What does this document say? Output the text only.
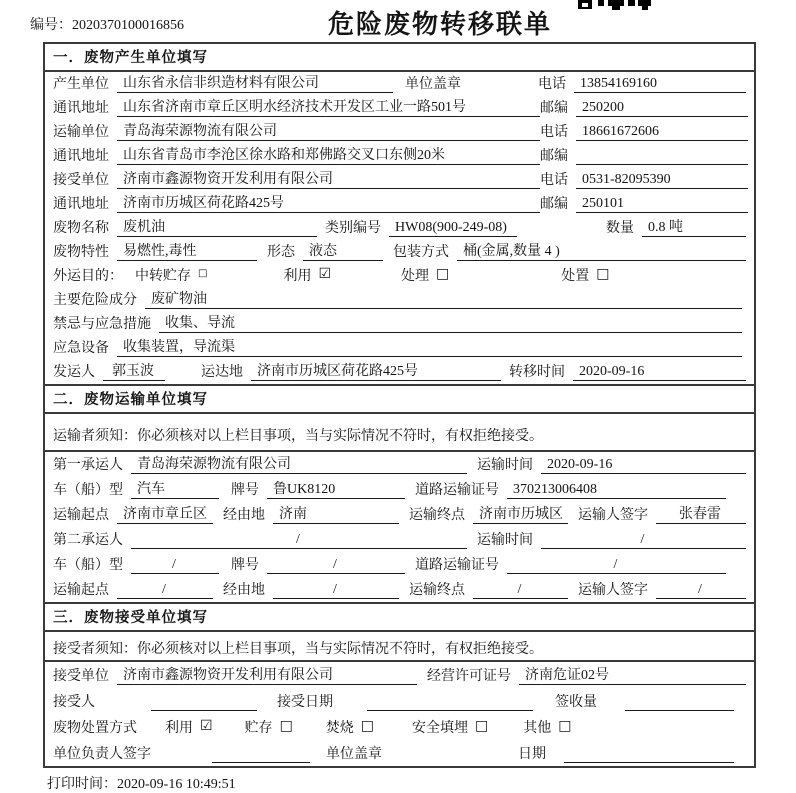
编号：2020370100016856	危险废物转移联单
一．废物产生单位填写
产生单位	山东省永信非织造材料有限公司	单位盖章	电话	13854169160
通讯地址	山东省济南市章丘区明水经济技术开发区工业一路501号	邮编	250200
运输单位	青岛海荣源物流有限公司	电话	18661672606
通讯地址	山东省青岛市李沧区徐水路和郑佛路交叉口东侧20米	邮编
接受单位	济南市鑫源物资开发利用有限公司	电话	0531-82095390
通讯地址	济南市历城区荷花路425号	邮编	250101
废物名称	废机油	类别编号	HW08(900-249-08)	数量	0.8 吨
废物特性	易燃性,毒性	形态	液态	包装方式	桶(金属,数量 4 )
外运目的： 中转贮存 □	利用 ☑	处理 □	处置 □
主要危险成分	废矿物油
禁忌与应急措施	收集、导流
应急设备	收集装置，导流渠
发运人	郭玉波	运达地	济南市历城区荷花路425号	转移时间	2020-09-16
二．废物运输单位填写
运输者须知：你必须核对以上栏目事项，当与实际情况不符时，有权拒绝接受。
第一承运人	青岛海荣源物流有限公司	运输时间	2020-09-16
车（船）型	汽车	牌号	鲁UK8120	道路运输证号	370213006408
运输起点	济南市章丘区	经由地	济南	运输终点	济南市历城区	运输人签字	张春雷
第二承运人	/	运输时间	/
车（船）型	/	牌号	/	道路运输证号	/
运输起点	/	经由地	/	运输终点	/	运输人签字	/
三．废物接受单位填写
接受者须知：你必须核对以上栏目事项，当与实际情况不符时，有权拒绝接受。
接受单位	济南市鑫源物资开发利用有限公司	经营许可证号	济南危证02号
接受人	接受日期	签收量
废物处置方式 利用 ☑ 贮存 □ 焚烧 □	安全填埋 □	其他 □
单位负责人签字	单位盖章	日期
打印时间：2020-09-16 10:49:51
